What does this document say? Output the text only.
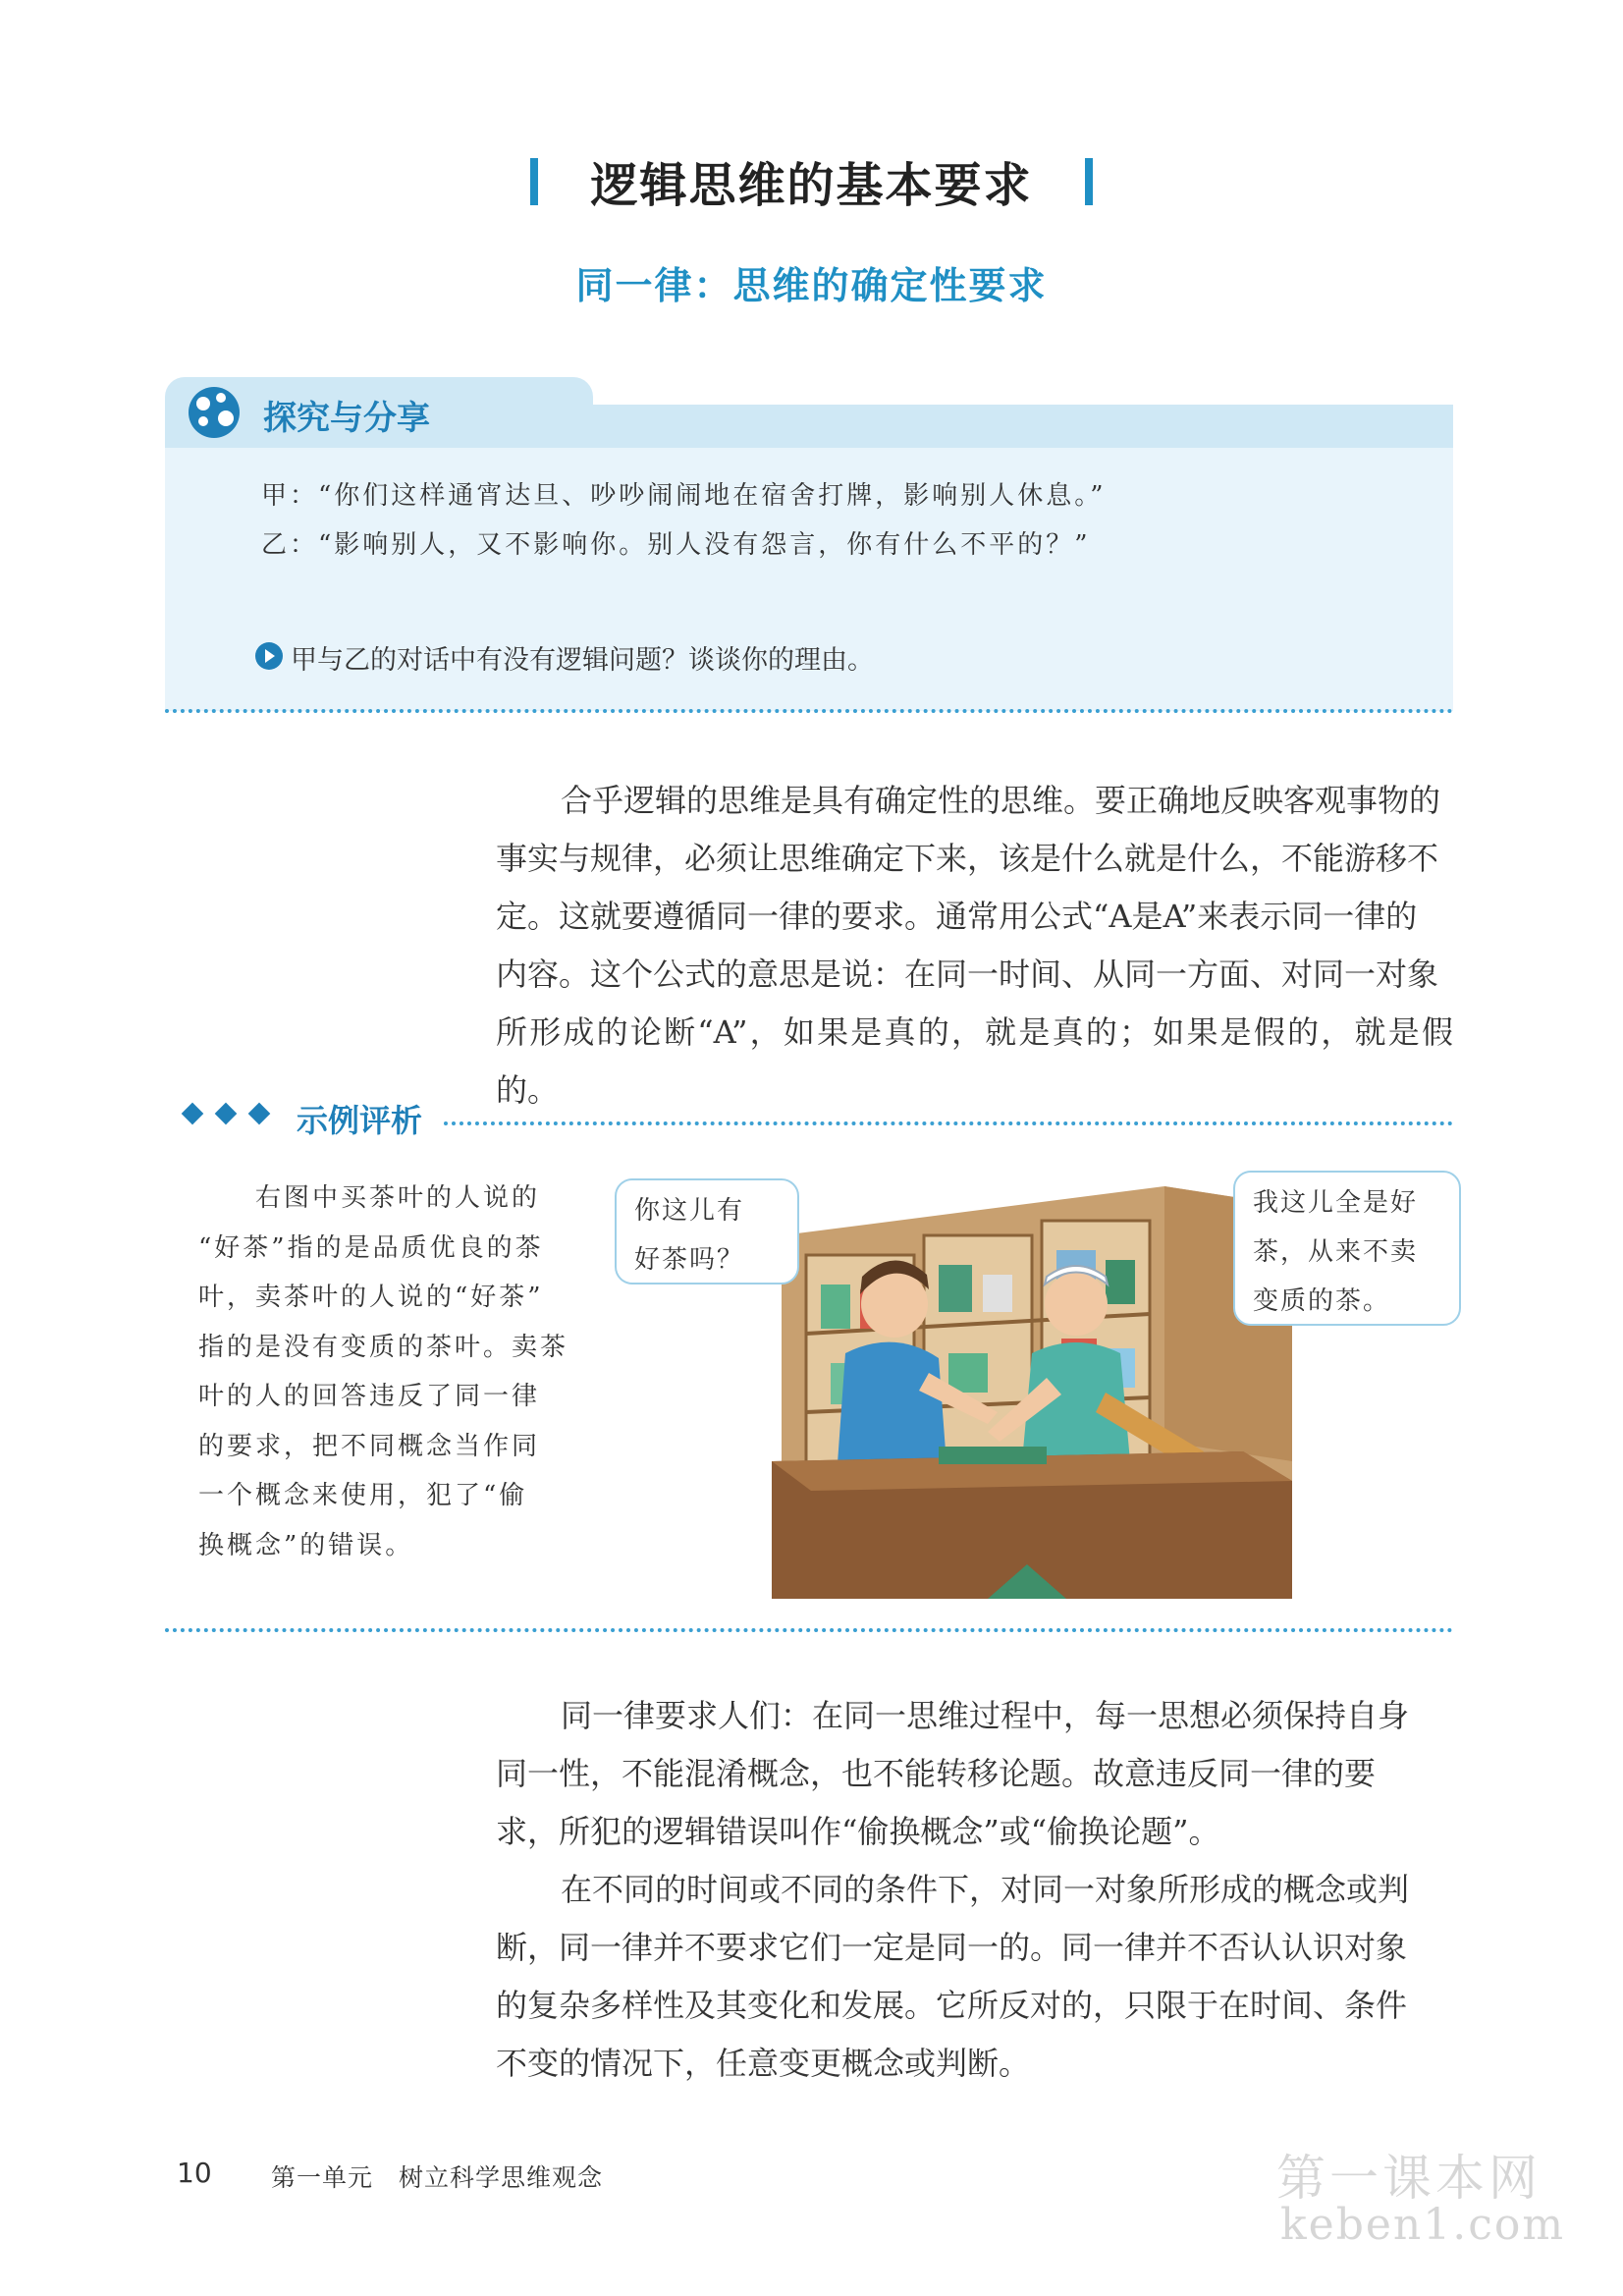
逻辑思维的基本要求
同一律：思维的确定性要求
探究与分享
甲：“你们这样通宵达旦、吵吵闹闹地在宿舍打牌，影响别人休息。”
乙：“影响别人，又不影响你。别人没有怨言，你有什么不平的？”
甲与乙的对话中有没有逻辑问题？谈谈你的理由。
合乎逻辑的思维是具有确定性的思维。要正确地反映客观事物的
事实与规律，必须让思维确定下来，该是什么就是什么，不能游移不
定。这就要遵循同一律的要求。通常用公式“A是A”来表示同一律的
内容。这个公式的意思是说：在同一时间、从同一方面、对同一对象
所形成的论断“A”，如果是真的，就是真的；如果是假的，就是假的。
示例评析
右图中买茶叶的人说的
“好茶”指的是品质优良的茶
叶，卖茶叶的人说的“好茶”
指的是没有变质的茶叶。卖茶
叶的人的回答违反了同一律
的要求，把不同概念当作同
一个概念来使用，犯了“偷
换概念”的错误。
你这儿有
好茶吗？
我这儿全是好
茶，从来不卖
变质的茶。
同一律要求人们：在同一思维过程中，每一思想必须保持自身
同一性，不能混淆概念，也不能转移论题。故意违反同一律的要
求，所犯的逻辑错误叫作“偷换概念”或“偷换论题”。
在不同的时间或不同的条件下，对同一对象所形成的概念或判
断，同一律并不要求它们一定是同一的。同一律并不否认认识对象
的复杂多样性及其变化和发展。它所反对的，只限于在时间、条件
不变的情况下，任意变更概念或判断。
10 第一单元　树立科学思维观念	第一课本网
keben1.com
